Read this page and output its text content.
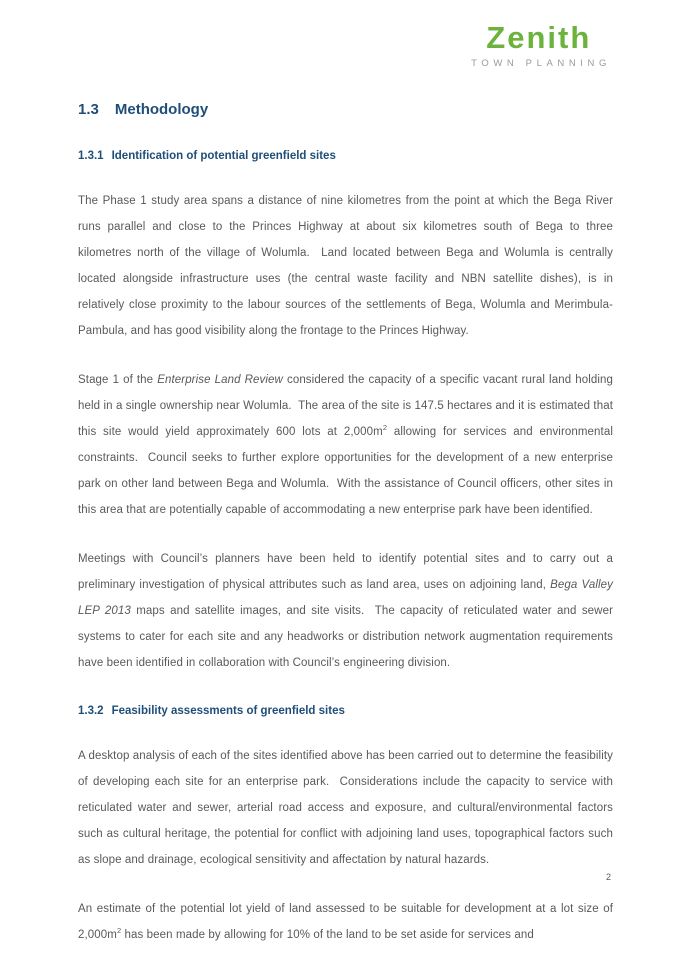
Zenith
TOWN PLANNING
1.3 Methodology
1.3.1 Identification of potential greenfield sites

The Phase 1 study area spans a distance of nine kilometres from the point at which the Bega River runs parallel and close to the Princes Highway at about six kilometres south of Bega to three kilometres north of the village of Wolumla.  Land located between Bega and Wolumla is centrally located alongside infrastructure uses (the central waste facility and NBN satellite dishes), is in relatively close proximity to the labour sources of the settlements of Bega, Wolumla and Merimbula-Pambula, and has good visibility along the frontage to the Princes Highway.

Stage 1 of the Enterprise Land Review considered the capacity of a specific vacant rural land holding held in a single ownership near Wolumla.  The area of the site is 147.5 hectares and it is estimated that this site would yield approximately 600 lots at $2,000m^2$ allowing for services and environmental constraints.  Council seeks to further explore opportunities for the development of a new enterprise park on other land between Bega and Wolumla.  With the assistance of Council officers, other sites in this area that are potentially capable of accommodating a new enterprise park have been identified.

Meetings with Council’s planners have been held to identify potential sites and to carry out a preliminary investigation of physical attributes such as land area, uses on adjoining land, Bega Valley LEP 2013 maps and satellite images, and site visits.  The capacity of reticulated water and sewer systems to cater for each site and any headworks or distribution network augmentation requirements have been identified in collaboration with Council’s engineering division.

1.3.2 Feasibility assessments of greenfield sites

A desktop analysis of each of the sites identified above has been carried out to determine the feasibility of developing each site for an enterprise park.  Considerations include the capacity to service with reticulated water and sewer, arterial road access and exposure, and cultural/environmental factors such as cultural heritage, the potential for conflict with adjoining land uses, topographical factors such as slope and drainage, ecological sensitivity and affectation by natural hazards.

An estimate of the potential lot yield of land assessed to be suitable for development at a lot size of $2,000m^2$ has been made by allowing for 10% of the land to be set aside for services and

2
